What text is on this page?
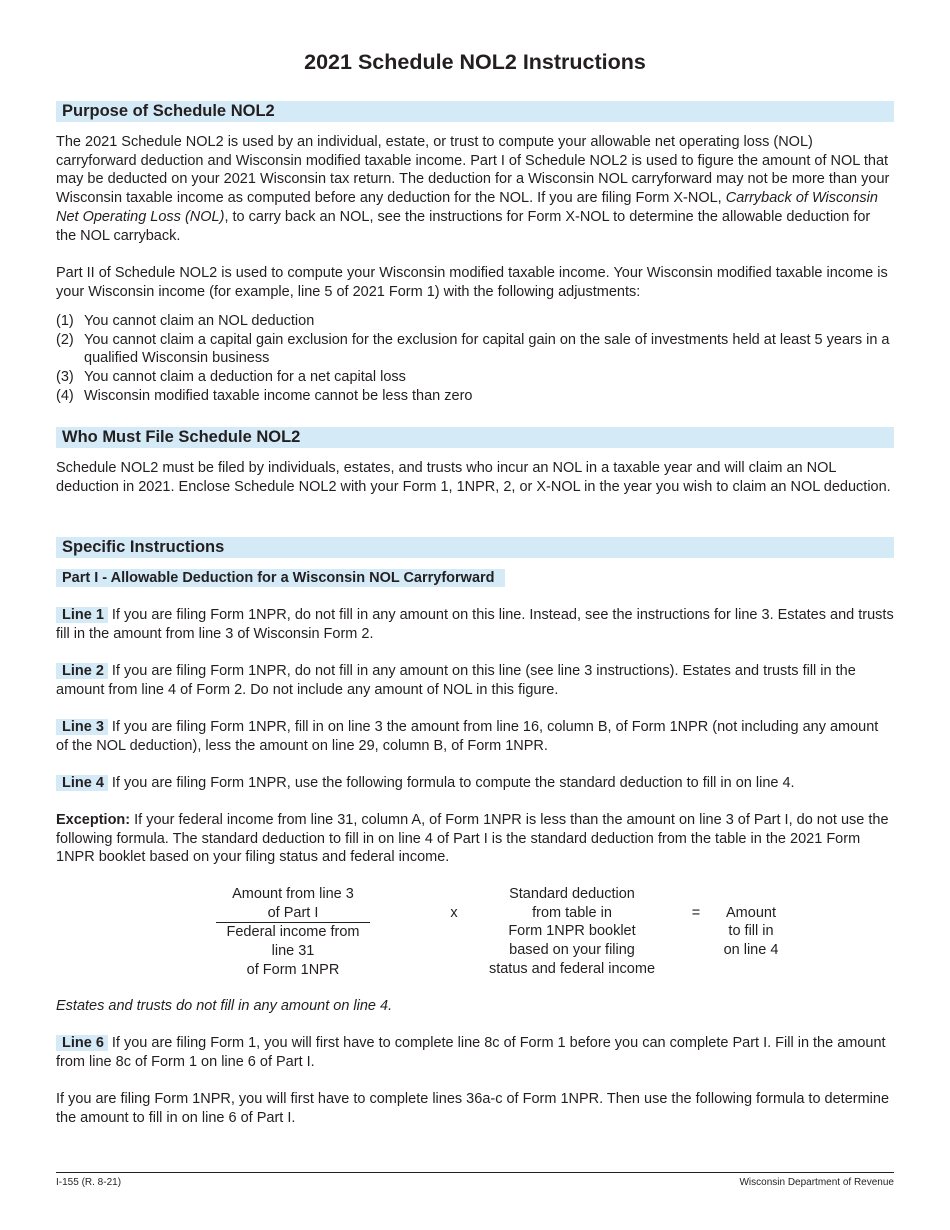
2021 Schedule NOL2 Instructions
Purpose of Schedule NOL2

The 2021 Schedule NOL2 is used by an individual, estate, or trust to compute your allowable net operating loss (NOL) carryforward deduction and Wisconsin modified taxable income. Part I of Schedule NOL2 is used to figure the amount of NOL that may be deducted on your 2021 Wisconsin tax return. The deduction for a Wisconsin NOL carryforward may not be more than your Wisconsin taxable income as computed before any deduction for the NOL. If you are filing Form X-NOL, Carryback of Wisconsin Net Operating Loss (NOL), to carry back an NOL, see the instructions for Form X-NOL to determine the allowable deduction for the NOL carryback.

Part II of Schedule NOL2 is used to compute your Wisconsin modified taxable income. Your Wisconsin modified taxable income is your Wisconsin income (for example, line 5 of 2021 Form 1) with the following adjustments:

(1) You cannot claim an NOL deduction
(2) You cannot claim a capital gain exclusion for the exclusion for capital gain on the sale of investments held at least 5 years in a qualified Wisconsin business
(3) You cannot claim a deduction for a net capital loss
(4) Wisconsin modified taxable income cannot be less than zero
Who Must File Schedule NOL2

Schedule NOL2 must be filed by individuals, estates, and trusts who incur an NOL in a taxable year and will claim an NOL deduction in 2021. Enclose Schedule NOL2 with your Form 1, 1NPR, 2, or X-NOL in the year you wish to claim an NOL deduction.

Specific Instructions
Part I - Allowable Deduction for a Wisconsin NOL Carryforward

Line 1 If you are filing Form 1NPR, do not fill in any amount on this line. Instead, see the instructions for line 3. Estates and trusts fill in the amount from line 3 of Wisconsin Form 2.

Line 2 If you are filing Form 1NPR, do not fill in any amount on this line (see line 3 instructions). Estates and trusts fill in the amount from line 4 of Form 2. Do not include any amount of NOL in this figure.

Line 3 If you are filing Form 1NPR, fill in on line 3 the amount from line 16, column B, of Form 1NPR (not including any amount of the NOL deduction), less the amount on line 29, column B, of Form 1NPR.

Line 4 If you are filing Form 1NPR, use the following formula to compute the standard deduction to fill in on line 4.

Exception: If your federal income from line 31, column A, of Form 1NPR is less than the amount on line 3 of Part I, do not use the following formula. The standard deduction to fill in on line 4 of Part I is the standard deduction from the table in the 2021 Form 1NPR booklet based on your filing status and federal income.

Amount from line 3
of Part I
Federal income from
line 31
of Form 1NPR
x
Standard deduction
from table in
Form 1NPR booklet
based on your filing
status and federal income
=	Amount
to fill in
on line 4

Estates and trusts do not fill in any amount on line 4.

Line 6 If you are filing Form 1, you will first have to complete line 8c of Form 1 before you can complete Part I. Fill in the amount from line 8c of Form 1 on line 6 of Part I.

If you are filing Form 1NPR, you will first have to complete lines 36a-c of Form 1NPR. Then use the following formula to determine the amount to fill in on line 6 of Part I.

I-155 (R. 8-21)	Wisconsin Department of Revenue
